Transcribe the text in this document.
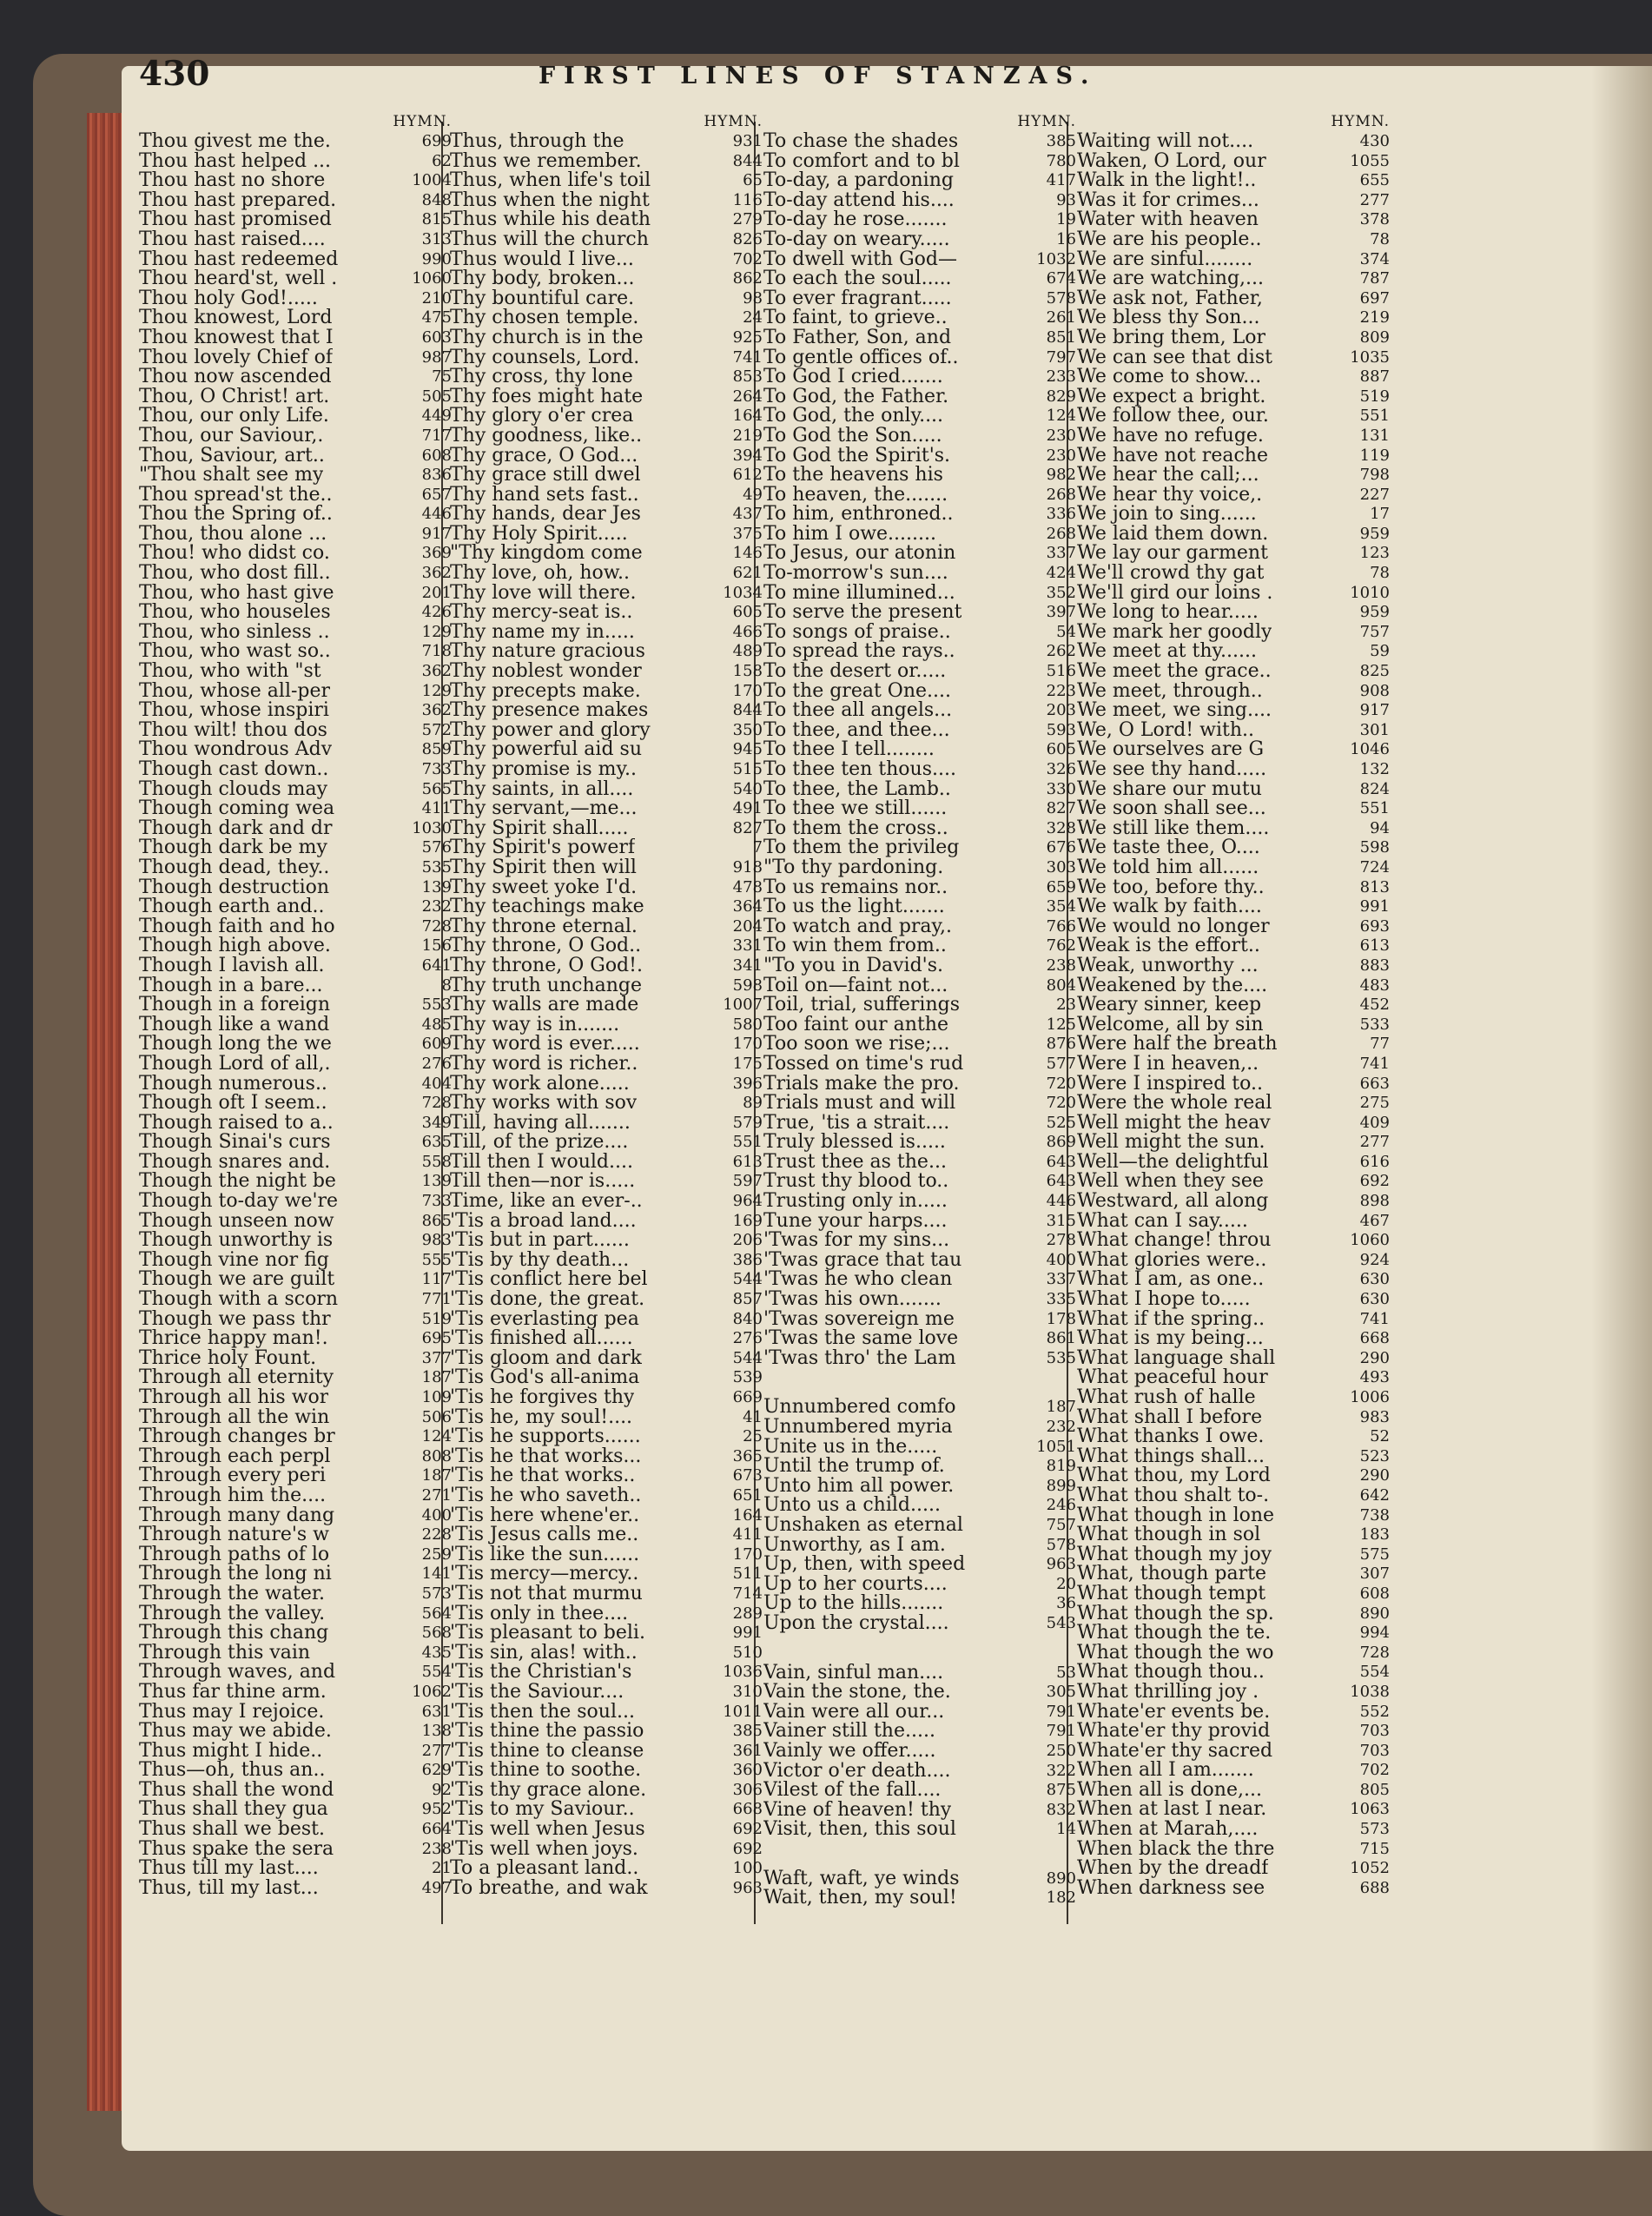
430	FIRST LINES OF STANZAS.
HYMN.
Thou givest me the.	699
Thou hast helped ...	62
Thou hast no shore	1004
Thou hast prepared.	848
Thou hast promised	815
Thou hast raised....	313
Thou hast redeemed	990
Thou heard'st, well .	1060
Thou holy God!.....	210
Thou knowest, Lord	475
Thou knowest that I	603
Thou lovely Chief of	987
Thou now ascended	75
Thou, O Christ! art.	505
Thou, our only Life.	449
Thou, our Saviour,.	717
Thou, Saviour, art..	608
"Thou shalt see my	836
Thou spread'st the..	657
Thou the Spring of..	446
Thou, thou alone ...	917
Thou! who didst co.	369
Thou, who dost fill..	362
Thou, who hast give	201
Thou, who houseles	426
Thou, who sinless ..	129
Thou, who wast so..	718
Thou, who with "st	362
Thou, whose all-per	129
Thou, whose inspiri	362
Thou wilt! thou dos	572
Thou wondrous Adv	859
Though cast down..	733
Though clouds may	565
Though coming wea	411
Though dark and dr	1030
Though dark be my	576
Though dead, they..	535
Though destruction	139
Though earth and..	232
Though faith and ho	728
Though high above.	156
Though I lavish all.	641
Though in a bare...	8
Though in a foreign	553
Though like a wand	485
Though long the we	609
Though Lord of all,.	276
Though numerous..	404
Though oft I seem..	728
Though raised to a..	349
Though Sinai's curs	635
Though snares and.	558
Though the night be	139
Though to-day we're	733
Though unseen now	865
Though unworthy is	983
Though vine nor fig	555
Though we are guilt	117
Though with a scorn	771
Though we pass thr	519
Thrice happy man!.	695
Thrice holy Fount.	377
Through all eternity	187
Through all his wor	109
Through all the win	506
Through changes br	124
Through each perpl	808
Through every peri	187
Through him the....	271
Through many dang	400
Through nature's w	228
Through paths of lo	259
Through the long ni	141
Through the water.	573
Through the valley.	564
Through this chang	568
Through this vain	435
Through waves, and	554
Thus far thine arm.	1062
Thus may I rejoice.	631
Thus may we abide.	138
Thus might I hide..	277
Thus—oh, thus an..	629
Thus shall the wond	92
Thus shall they gua	952
Thus shall we best.	664
Thus spake the sera	238
Thus till my last....	21
Thus, till my last...	497
HYMN.
Thus, through the	931
Thus we remember.	844
Thus, when life's toil	65
Thus when the night	116
Thus while his death	279
Thus will the church	826
Thus would I live...	702
Thy body, broken...	862
Thy bountiful care.	98
Thy chosen temple.	24
Thy church is in the	925
Thy counsels, Lord.	741
Thy cross, thy lone	853
Thy foes might hate	264
Thy glory o'er crea	164
Thy goodness, like..	219
Thy grace, O God...	394
Thy grace still dwel	612
Thy hand sets fast..	49
Thy hands, dear Jes	437
Thy Holy Spirit.....	375
"Thy kingdom come	146
Thy love, oh, how..	621
Thy love will there.	1034
Thy mercy-seat is..	605
Thy name my in.....	466
Thy nature gracious	489
Thy noblest wonder	158
Thy precepts make.	170
Thy presence makes	844
Thy power and glory	350
Thy powerful aid su	945
Thy promise is my..	515
Thy saints, in all....	540
Thy servant,—me...	491
Thy Spirit shall.....	827
Thy Spirit's powerf	7
Thy Spirit then will	918
Thy sweet yoke I'd.	478
Thy teachings make	364
Thy throne eternal.	204
Thy throne, O God..	331
Thy throne, O God!.	341
Thy truth unchange	598
Thy walls are made	1007
Thy way is in.......	580
Thy word is ever.....	170
Thy word is richer..	175
Thy work alone.....	396
Thy works with sov	89
Till, having all.......	579
Till, of the prize....	551
Till then I would....	613
Till then—nor is.....	597
Time, like an ever-..	964
'Tis a broad land....	169
'Tis but in part......	206
'Tis by thy death...	386
'Tis conflict here bel	544
'Tis done, the great.	857
'Tis everlasting pea	840
'Tis finished all......	276
'Tis gloom and dark	544
'Tis God's all-anima	539
'Tis he forgives thy	669
'Tis he, my soul!....	41
'Tis he supports......	25
'Tis he that works...	365
'Tis he that works..	673
'Tis he who saveth..	651
'Tis here whene'er..	164
'Tis Jesus calls me..	411
'Tis like the sun......	170
'Tis mercy—mercy..	511
'Tis not that murmu	714
'Tis only in thee....	289
'Tis pleasant to beli.	991
'Tis sin, alas! with..	510
'Tis the Christian's	1036
'Tis the Saviour....	310
'Tis then the soul...	1011
'Tis thine the passio	385
'Tis thine to cleanse	361
'Tis thine to soothe.	360
'Tis thy grace alone.	306
'Tis to my Saviour..	668
'Tis well when Jesus	692
'Tis well when joys.	692
To a pleasant land..	100
To breathe, and wak	963
HYMN.
To chase the shades	385
To comfort and to bl	780
To-day, a pardoning	417
To-day attend his....	93
To-day he rose.......	19
To-day on weary.....	16
To dwell with God—	1032
To each the soul.....	674
To ever fragrant.....	578
To faint, to grieve..	261
To Father, Son, and	851
To gentle offices of..	797
To God I cried.......	233
To God, the Father.	829
To God, the only....	124
To God the Son.....	230
To God the Spirit's.	230
To the heavens his	982
To heaven, the.......	268
To him, enthroned..	336
To him I owe........	268
To Jesus, our atonin	337
To-morrow's sun....	424
To mine illumined...	352
To serve the present	397
To songs of praise..	54
To spread the rays..	262
To the desert or.....	516
To the great One....	223
To thee all angels...	203
To thee, and thee...	593
To thee I tell........	605
To thee ten thous....	326
To thee, the Lamb..	330
To thee we still......	827
To them the cross..	328
To them the privileg	676
"To thy pardoning.	303
To us remains nor..	659
To us the light.......	354
To watch and pray,.	766
To win them from..	762
"To you in David's.	238
Toil on—faint not...	804
Toil, trial, sufferings	23
Too faint our anthe	125
Too soon we rise;...	876
Tossed on time's rud	577
Trials make the pro.	720
Trials must and will	720
True, 'tis a strait....	525
Truly blessed is.....	869
Trust thee as the...	643
Trust thy blood to..	643
Trusting only in.....	446
Tune your harps....	315
'Twas for my sins...	278
'Twas grace that tau	400
'Twas he who clean	337
'Twas his own.......	335
'Twas sovereign me	178
'Twas the same love	861
'Twas thro' the Lam	535
Unnumbered comfo	187
Unnumbered myria	232
Unite us in the.....	1051
Until the trump of.	819
Unto him all power.	899
Unto us a child.....	246
Unshaken as eternal	757
Unworthy, as I am.	578
Up, then, with speed	963
Up to her courts....	20
Up to the hills.......	36
Upon the crystal....	543
Vain, sinful man....	53
Vain the stone, the.	305
Vain were all our...	791
Vainer still the.....	791
Vainly we offer.....	250
Victor o'er death....	322
Vilest of the fall....	875
Vine of heaven! thy	832
Visit, then, this soul	14
Waft, waft, ye winds	890
Wait, then, my soul!	182
HYMN.
Waiting will not....	430
Waken, O Lord, our	1055
Walk in the light!..	655
Was it for crimes...	277
Water with heaven	378
We are his people..	78
We are sinful........	374
We are watching,...	787
We ask not, Father,	697
We bless thy Son...	219
We bring them, Lor	809
We can see that dist	1035
We come to show...	887
We expect a bright.	519
We follow thee, our.	551
We have no refuge.	131
We have not reache	119
We hear the call;...	798
We hear thy voice,.	227
We join to sing......	17
We laid them down.	959
We lay our garment	123
We'll crowd thy gat	78
We'll gird our loins .	1010
We long to hear.....	959
We mark her goodly	757
We meet at thy......	59
We meet the grace..	825
We meet, through..	908
We meet, we sing....	917
We, O Lord! with..	301
We ourselves are G	1046
We see thy hand.....	132
We share our mutu	824
We soon shall see...	551
We still like them....	94
We taste thee, O....	598
We told him all......	724
We too, before thy..	813
We walk by faith....	991
We would no longer	693
Weak is the effort..	613
Weak, unworthy ...	883
Weakened by the....	483
Weary sinner, keep	452
Welcome, all by sin	533
Were half the breath	77
Were I in heaven,..	741
Were I inspired to..	663
Were the whole real	275
Well might the heav	409
Well might the sun.	277
Well—the delightful	616
Well when they see	692
Westward, all along	898
What can I say.....	467
What change! throu	1060
What glories were..	924
What I am, as one..	630
What I hope to.....	630
What if the spring..	741
What is my being...	668
What language shall	290
What peaceful hour	493
What rush of halle	1006
What shall I before	983
What thanks I owe.	52
What things shall...	523
What thou, my Lord	290
What thou shalt to-.	642
What though in lone	738
What though in sol	183
What though my joy	575
What, though parte	307
What though tempt	608
What though the sp.	890
What though the te.	994
What though the wo	728
What though thou..	554
What thrilling joy .	1038
Whate'er events be.	552
Whate'er thy provid	703
Whate'er thy sacred	703
When all I am.......	702
When all is done,...	805
When at last I near.	1063
When at Marah,....	573
When black the thre	715
When by the dreadf	1052
When darkness see	688
